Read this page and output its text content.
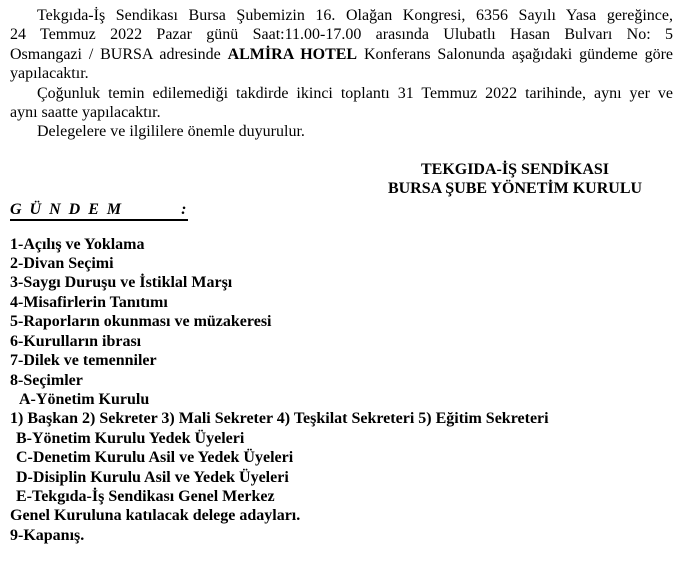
Tekgıda-İş Sendikası Bursa Şubemizin 16. Olağan Kongresi, 6356 Sayılı Yasa gereğince,
24 Temmuz 2022 Pazar günü Saat:11.00-17.00 arasında Ulubatlı Hasan Bulvarı No: 5
Osmangazi / BURSA adresinde ALMİRA HOTEL Konferans Salonunda aşağıdaki gündeme göre
yapılacaktır.

Çoğunluk temin edilemediği takdirde ikinci toplantı 31 Temmuz 2022 tarihinde, aynı yer ve
aynı saatte yapılacaktır.

Delegelere ve ilgililere önemle duyurulur.

TEKGIDA-İŞ SENDİKASI
BURSA ŞUBE YÖNETİM KURULU
G Ü N D E M	:
1-Açılış ve Yoklama
2-Divan Seçimi
3-Saygı Duruşu ve İstiklal Marşı
4-Misafirlerin Tanıtımı
5-Raporların okunması ve müzakeresi
6-Kurulların ibrası
7-Dilek ve temenniler
8-Seçimler
A-Yönetim Kurulu
1) Başkan 2) Sekreter 3) Mali Sekreter 4) Teşkilat Sekreteri 5) Eğitim Sekreteri
B-Yönetim Kurulu Yedek Üyeleri
C-Denetim Kurulu Asil ve Yedek Üyeleri
D-Disiplin Kurulu Asil ve Yedek Üyeleri
E-Tekgıda-İş Sendikası Genel Merkez
Genel Kuruluna katılacak delege adayları.
9-Kapanış.
